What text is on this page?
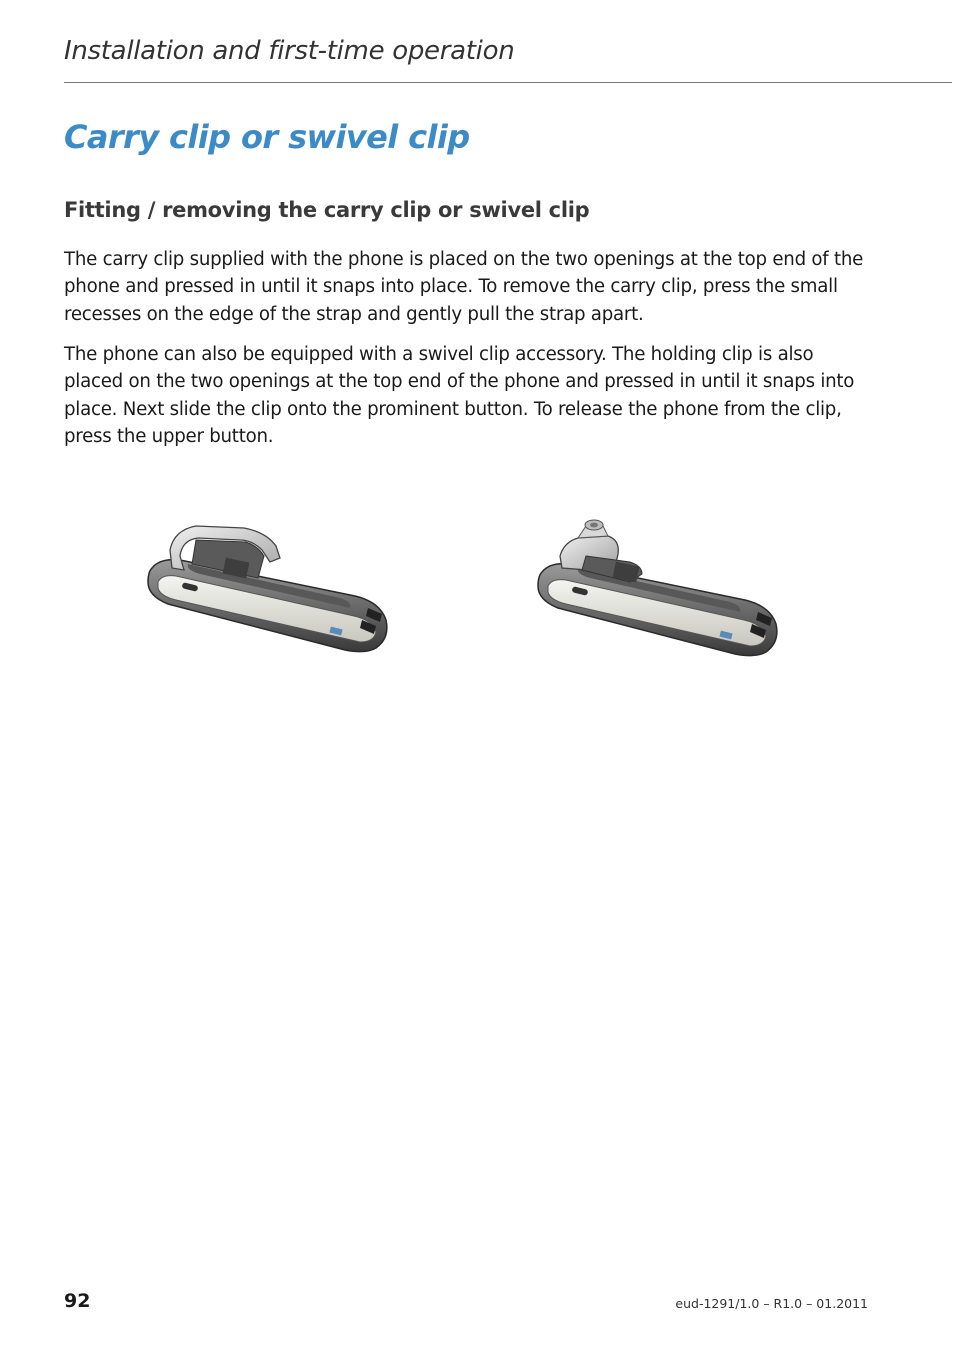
Installation and first-time operation
Carry clip or swivel clip
Fitting / removing the carry clip or swivel clip

The carry clip supplied with the phone is placed on the two openings at the top end of the phone and pressed in until it snaps into place. To remove the carry clip, press the small recesses on the edge of the strap and gently pull the strap apart.

The phone can also be equipped with a swivel clip accessory. The holding clip is also placed on the two openings at the top end of the phone and pressed in until it snaps into place. Next slide the clip onto the prominent button. To release the phone from the clip, press the upper button.

92	eud-1291/1.0 – R1.0 – 01.2011
